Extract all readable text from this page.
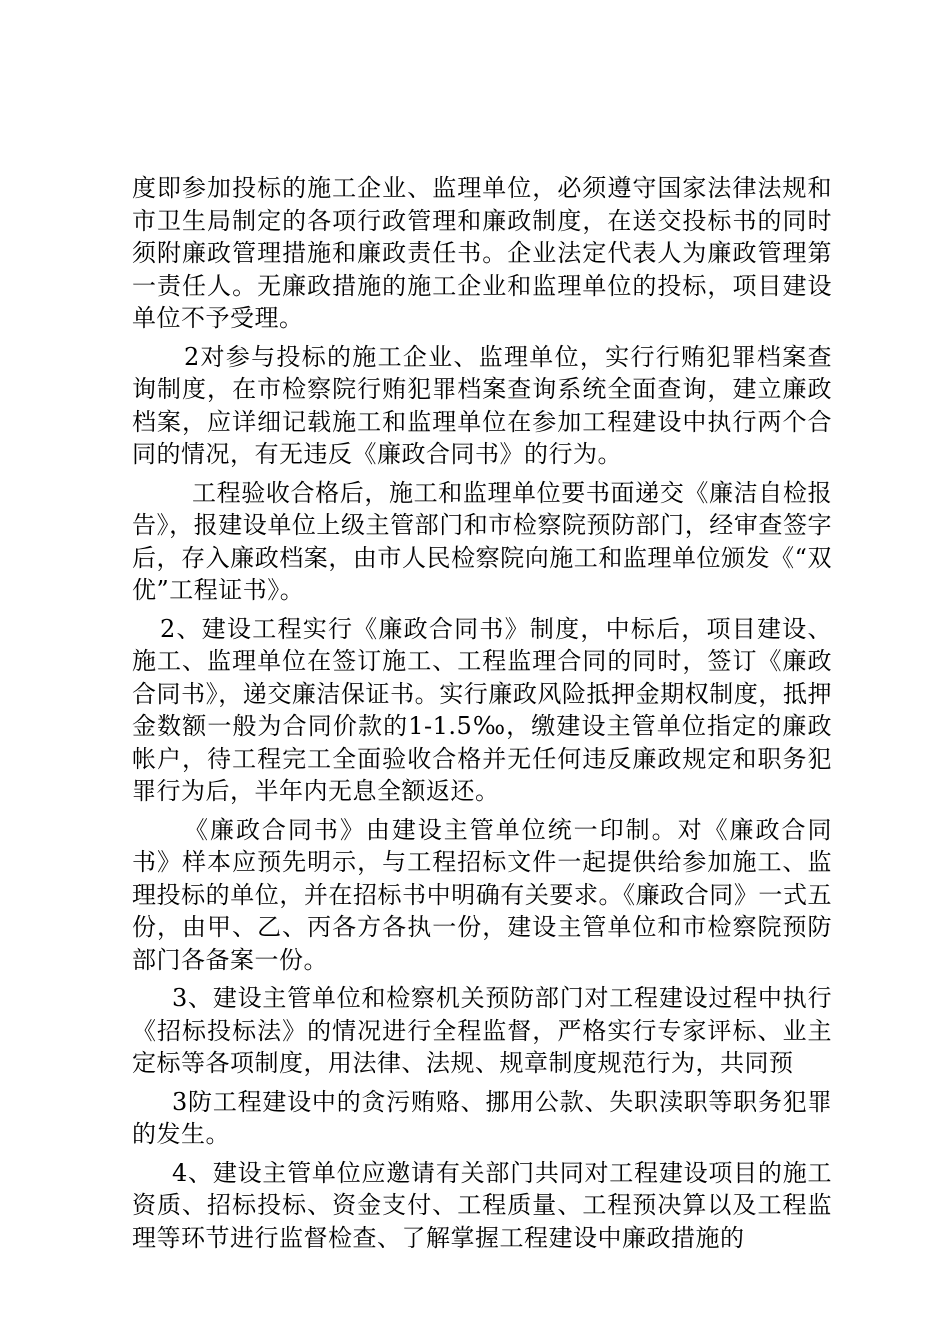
度即参加投标的施工企业、监理单位，必须遵守国家法律法规和市卫生局制定的各项行政管理和廉政制度，在送交投标书的同时须附廉政管理措施和廉政责任书。企业法定代表人为廉政管理第一责任人。无廉政措施的施工企业和监理单位的投标，项目建设单位不予受理。

2对参与投标的施工企业、监理单位，实行行贿犯罪档案查询制度，在市检察院行贿犯罪档案查询系统全面查询，建立廉政档案，应详细记载施工和监理单位在参加工程建设中执行两个合同的情况，有无违反《廉政合同书》的行为。

工程验收合格后，施工和监理单位要书面递交《廉洁自检报告》，报建设单位上级主管部门和市检察院预防部门，经审查签字后，存入廉政档案，由市人民检察院向施工和监理单位颁发《“双优”工程证书》。

2、建设工程实行《廉政合同书》制度，中标后，项目建设、施工、监理单位在签订施工、工程监理合同的同时，签订《廉政合同书》，递交廉洁保证书。实行廉政风险抵押金期权制度，抵押金数额一般为合同价款的1-1.5‰，缴建设主管单位指定的廉政帐户，待工程完工全面验收合格并无任何违反廉政规定和职务犯罪行为后，半年内无息全额返还。

《廉政合同书》由建设主管单位统一印制。对《廉政合同书》样本应预先明示，与工程招标文件一起提供给参加施工、监理投标的单位，并在招标书中明确有关要求。《廉政合同》一式五份，由甲、乙、丙各方各执一份，建设主管单位和市检察院预防部门各备案一份。

3、建设主管单位和检察机关预防部门对工程建设过程中执行《招标投标法》的情况进行全程监督，严格实行专家评标、业主定标等各项制度，用法律、法规、规章制度规范行为，共同预

3防工程建设中的贪污贿赂、挪用公款、失职渎职等职务犯罪的发生。

4、建设主管单位应邀请有关部门共同对工程建设项目的施工资质、招标投标、资金支付、工程质量、工程预决算以及工程监理等环节进行监督检查、了解掌握工程建设中廉政措施的
